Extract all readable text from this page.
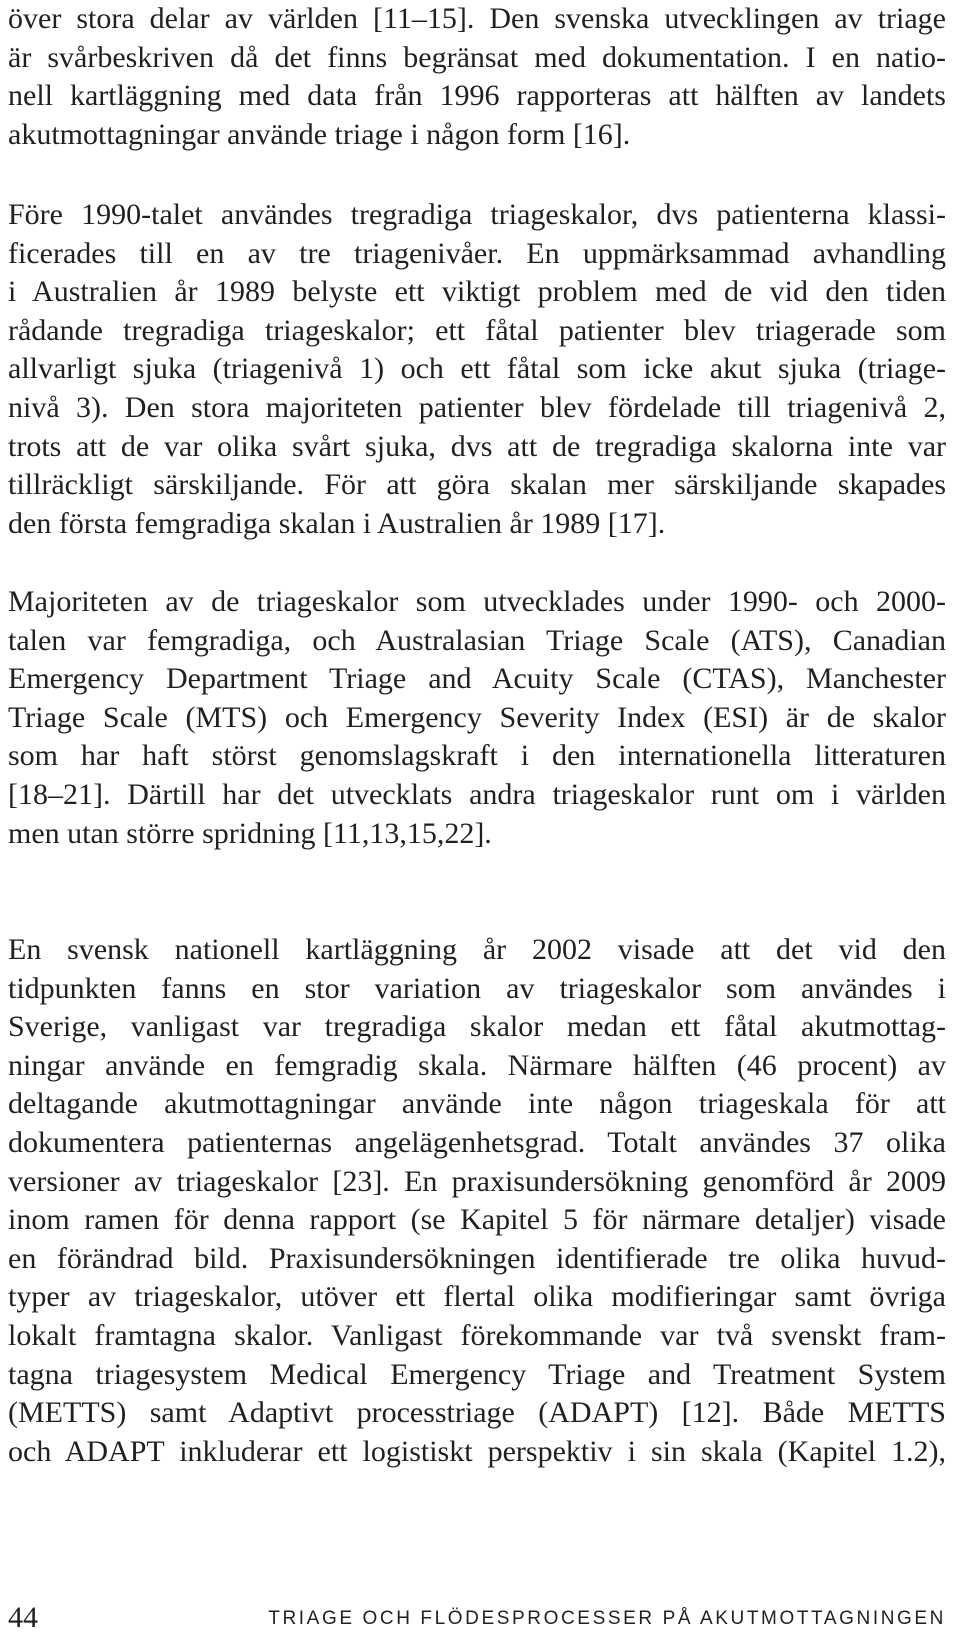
över stora delar av världen [11–15]. Den svenska utvecklingen av triage

är svårbeskriven då det finns begränsat med dokumentation. I en natio-

nell kartläggning med data från 1996 rapporteras att hälften av landets

akutmottagningar använde triage i någon form [16].

Före 1990-talet användes tregradiga triageskalor, dvs patienterna klassi-

ficerades till en av tre triagenivåer. En uppmärksammad avhandling

i Australien år 1989 belyste ett viktigt problem med de vid den tiden

rådande tregradiga triageskalor; ett fåtal patienter blev triagerade som

allvarligt sjuka (triagenivå 1) och ett fåtal som icke akut sjuka (triage-

nivå 3). Den stora majoriteten patienter blev fördelade till triagenivå 2,

trots att de var olika svårt sjuka, dvs att de tregradiga skalorna inte var

tillräckligt särskiljande. För att göra skalan mer särskiljande skapades

den första femgradiga skalan i Australien år 1989 [17].

Majoriteten av de triageskalor som utvecklades under 1990- och 2000-

talen var femgradiga, och Australasian Triage Scale (ATS), Canadian

Emergency Department Triage and Acuity Scale (CTAS), Manchester

Triage Scale (MTS) och Emergency Severity Index (ESI) är de skalor

som har haft störst genomslagskraft i den internationella litteraturen

[18–21]. Därtill har det utvecklats andra triageskalor runt om i världen

men utan större spridning [11,13,15,22].

En svensk nationell kartläggning år 2002 visade att det vid den

tidpunkten fanns en stor variation av triageskalor som användes i

Sverige, vanligast var tregradiga skalor medan ett fåtal akutmottag-

ningar använde en femgradig skala. Närmare hälften (46 procent) av

deltagande akutmottagningar använde inte någon triageskala för att

dokumentera patienternas angelägenhetsgrad. Totalt användes 37 olika

versioner av triageskalor [23]. En praxisundersökning genomförd år 2009

inom ramen för denna rapport (se Kapitel 5 för närmare detaljer) visade

en förändrad bild. Praxisundersökningen identifierade tre olika huvud-

typer av triageskalor, utöver ett flertal olika modifieringar samt övriga

lokalt framtagna skalor. Vanligast förekommande var två svenskt fram-

tagna triagesystem Medical Emergency Triage and Treatment System

(METTS) samt Adaptivt processtriage (ADAPT) [12]. Både METTS

och ADAPT inkluderar ett logistiskt perspektiv i sin skala (Kapitel 1.2),

44	TRIAGE OCH FLÖDESPROCESSER PÅ AKUTMOTTAGNINGEN
